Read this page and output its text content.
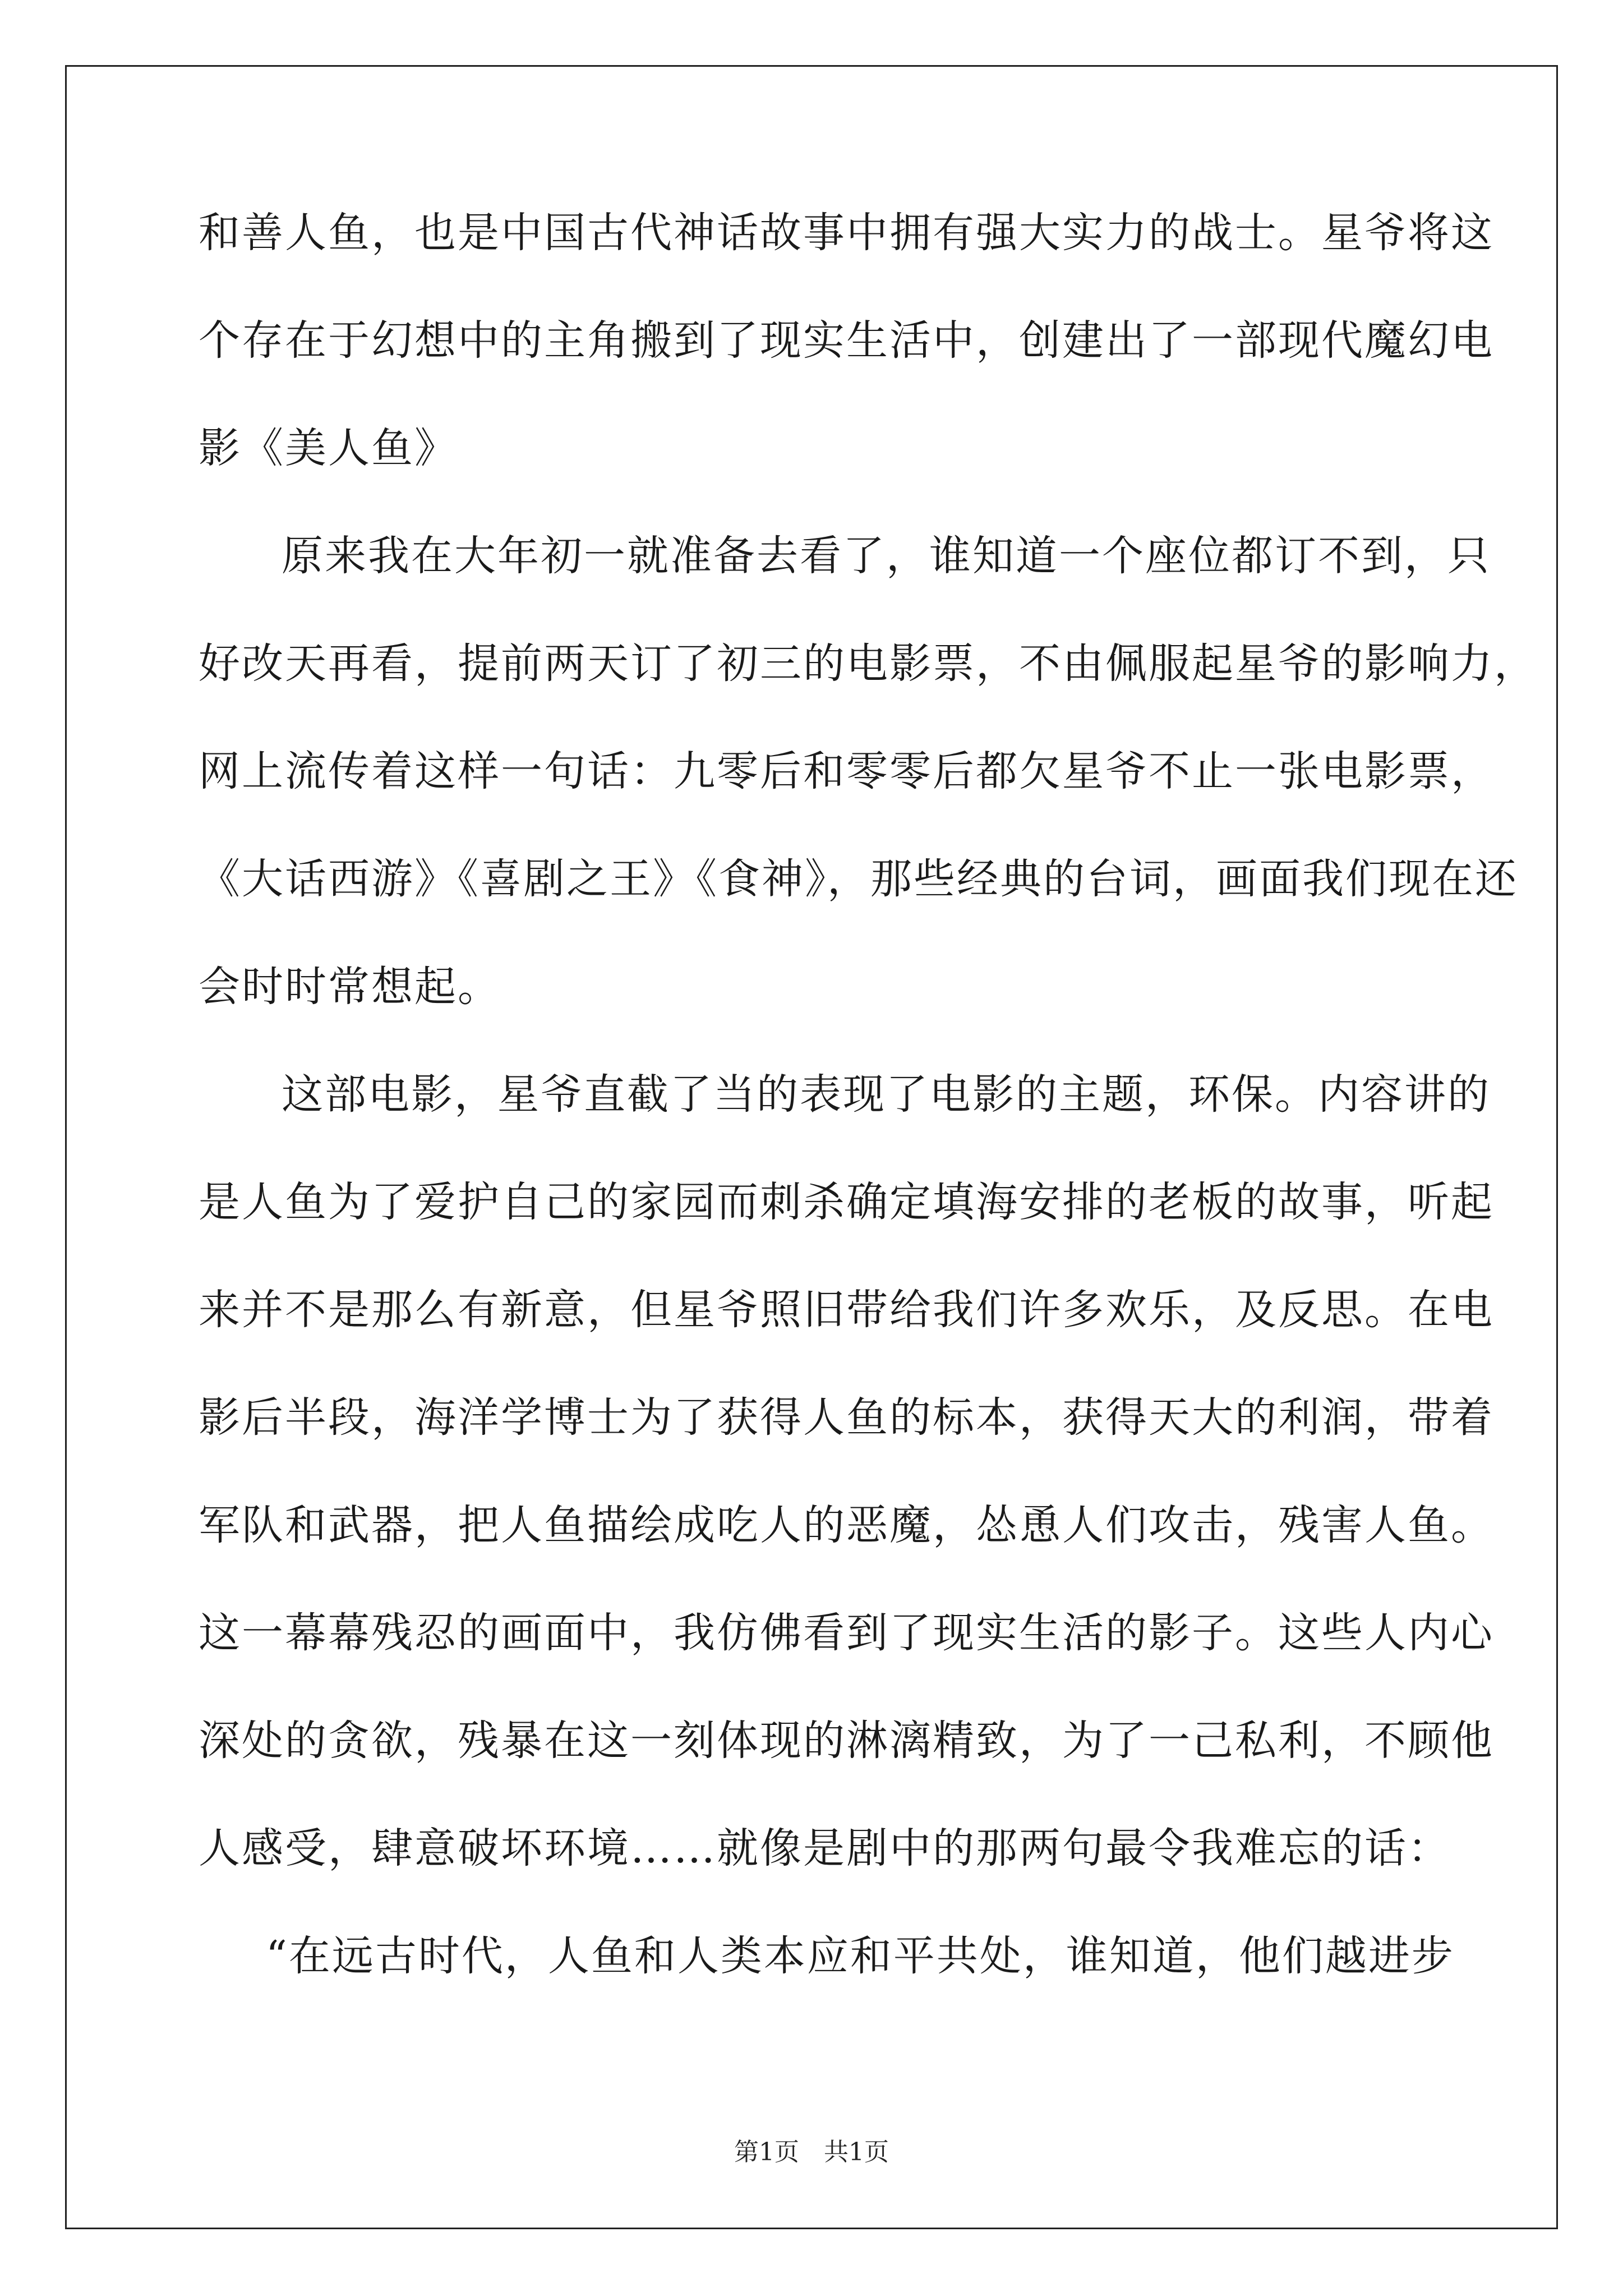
和善人鱼，也是中国古代神话故事中拥有强大实力的战士。星爷将这
个存在于幻想中的主角搬到了现实生活中，创建出了一部现代魔幻电
影《美人鱼》
原来我在大年初一就准备去看了，谁知道一个座位都订不到，只
好改天再看，提前两天订了初三的电影票，不由佩服起星爷的影响力，
网上流传着这样一句话：九零后和零零后都欠星爷不止一张电影票，
《大话西游》《喜剧之王》《食神》，那些经典的台词，画面我们现在还
会时时常想起。
这部电影，星爷直截了当的表现了电影的主题，环保。内容讲的
是人鱼为了爱护自己的家园而刺杀确定填海安排的老板的故事，听起
来并不是那么有新意，但星爷照旧带给我们许多欢乐，及反思。在电
影后半段，海洋学博士为了获得人鱼的标本，获得天大的利润，带着
军队和武器，把人鱼描绘成吃人的恶魔，怂恿人们攻击，残害人鱼。
这一幕幕残忍的画面中，我仿佛看到了现实生活的影子。这些人内心
深处的贪欲，残暴在这一刻体现的淋漓精致，为了一己私利，不顾他
人感受，肆意破坏环境……就像是剧中的那两句最令我难忘的话：
“在远古时代，人鱼和人类本应和平共处，谁知道，他们越进步
第1页 共1页
